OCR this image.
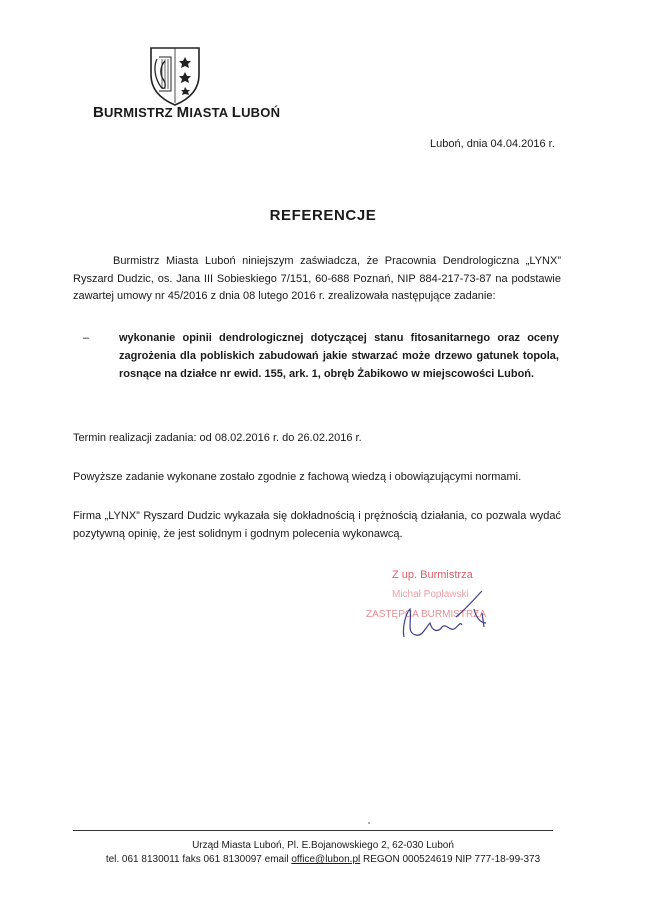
BURMISTRZ MIASTA LUBOŃ
Luboń, dnia 04.04.2016 r.
REFERENCJE
Burmistrz Miasta Luboń niniejszym zaświadcza, że Pracownia Dendrologiczna „LYNX” Ryszard Dudzic, os. Jana III Sobieskiego 7/151, 60-688 Poznań, NIP 884-217-73-87 na podstawie zawartej umowy nr 45/2016 z dnia 08 lutego 2016 r. zrealizowała następujące zadanie:
–	wykonanie opinii dendrologicznej dotyczącej stanu fitosanitarnego oraz oceny zagrożenia dla pobliskich zabudowań jakie stwarzać może drzewo gatunek topola, rosnące na działce nr ewid. 155, ark. 1, obręb Żabikowo w miejscowości Luboń.
Termin realizacji zadania: od 08.02.2016 r. do 26.02.2016 r.
Powyższe zadanie wykonane zostało zgodnie z fachową wiedzą i obowiązującymi normami.
Firma „LYNX” Ryszard Dudzic wykazała się dokładnością i prężnością działania, co pozwala wydać pozytywną opinię, że jest solidnym i godnym polecenia wykonawcą.
Z up. Burmistrza
Michał Popławski
ZASTĘPCA BURMISTRZA
Urząd Miasta Luboń, Pl. E.Bojanowskiego 2, 62-030 Luboń
tel. 061 8130011 faks 061 8130097 email office@lubon.pl REGON 000524619 NIP 777-18-99-373
